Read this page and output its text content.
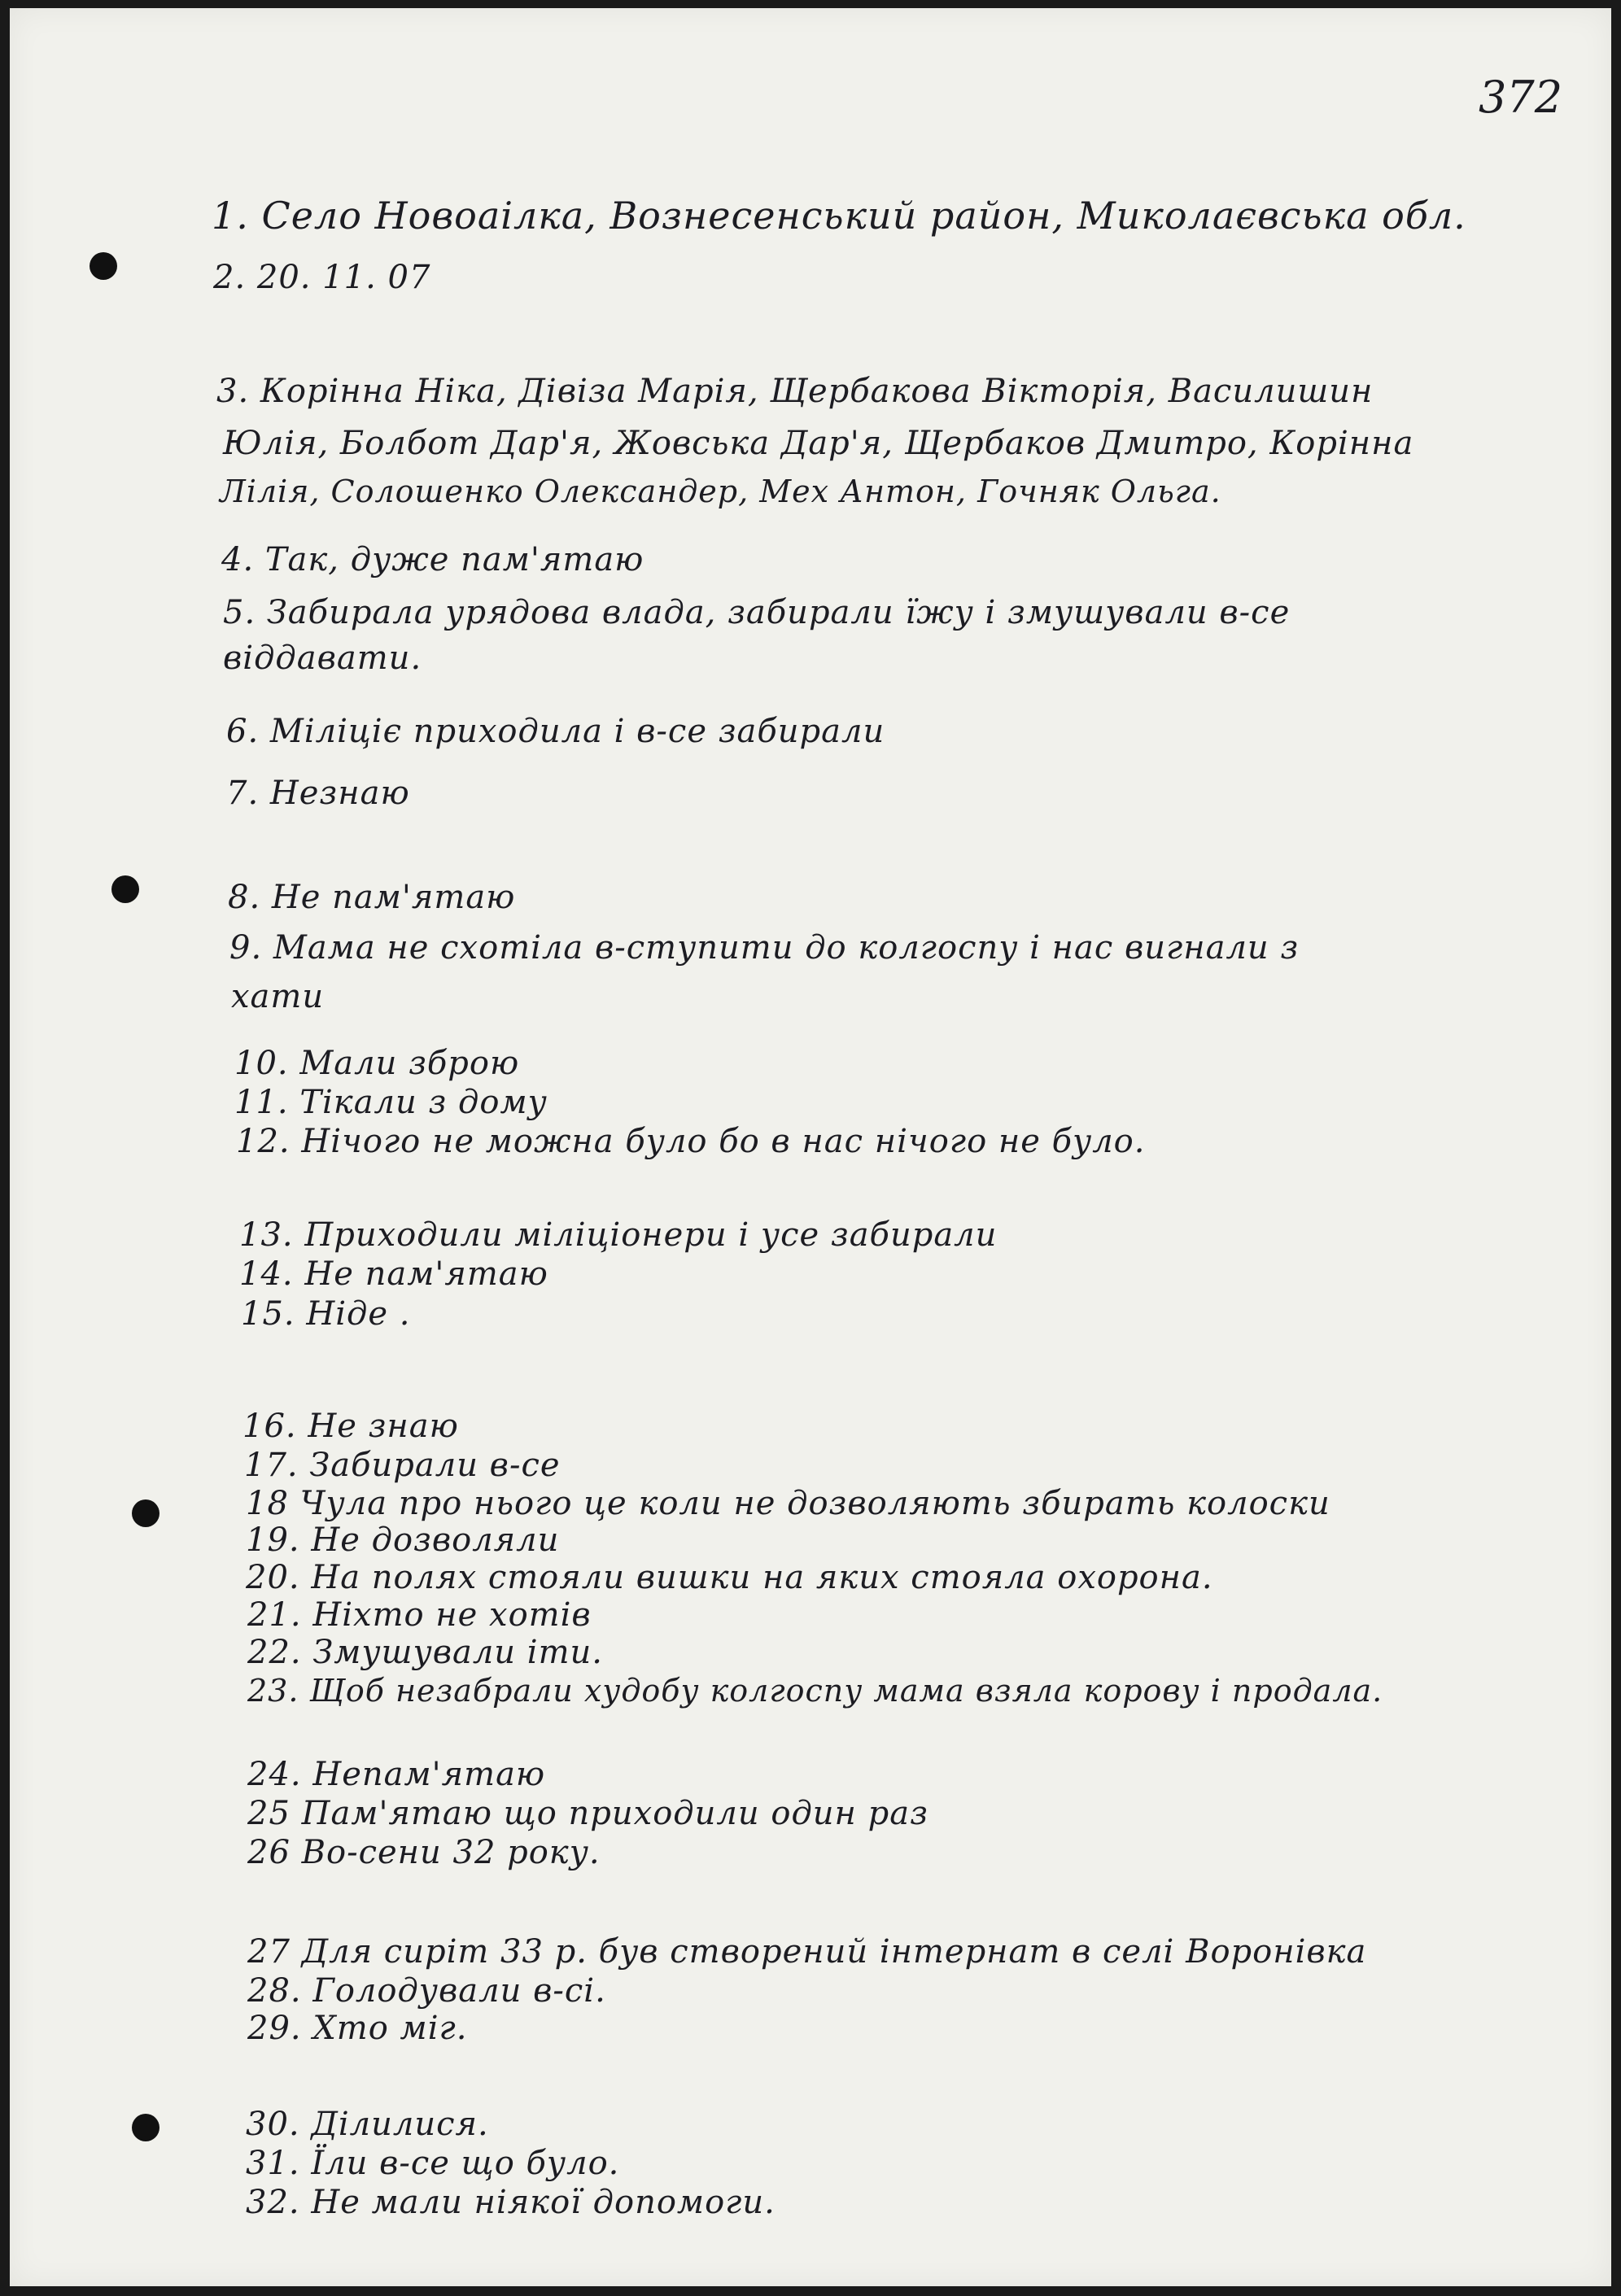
372
1. Село Новоаілка, Вознесенський район, Миколаєвська обл.
2. 20. 11. 07
3. Корінна Ніка, Дівіза Марія, Щербакова Вікторія, Василишин
Юлія, Болбот Дар'я, Жовська Дар'я, Щербаков Дмитро, Корінна
Лілія, Солошенко Олександер, Мех Антон, Гочняк Ольга.
4. Так, дуже пам'ятаю
5. Забирала урядова влада, забирали їжу і змушували в-се
віддавати.
6. Міліціє приходила і в-се забирали
7. Незнаю
8. Не пам'ятаю
9. Мама не схотіла в-ступити до колгоспу і нас вигнали з
хати
10. Мали зброю
11. Тікали з дому
12. Нічого не можна було бо в нас нічого не було.
13. Приходили міліціонери і усе забирали
14. Не пам'ятаю
15. Ніде .
16. Не знаю
17. Забирали в-се
18 Чула про нього це коли не дозволяють збирать колоски
19. Не дозволяли
20. На полях стояли вишки на яких стояла охорона.
21. Ніхто не хотів
22. Змушували іти.
23. Щоб незабрали худобу колгоспу мама взяла корову і продала.
24. Непам'ятаю
25 Пам'ятаю що приходили один раз
26 Во-сени 32 року.
27 Для сиріт 33 р. був створений інтернат в селі Воронівка
28. Голодували в-сі.
29. Хто міг.
30. Ділилися.
31. Їли в-се що було.
32. Не мали ніякої допомоги.
